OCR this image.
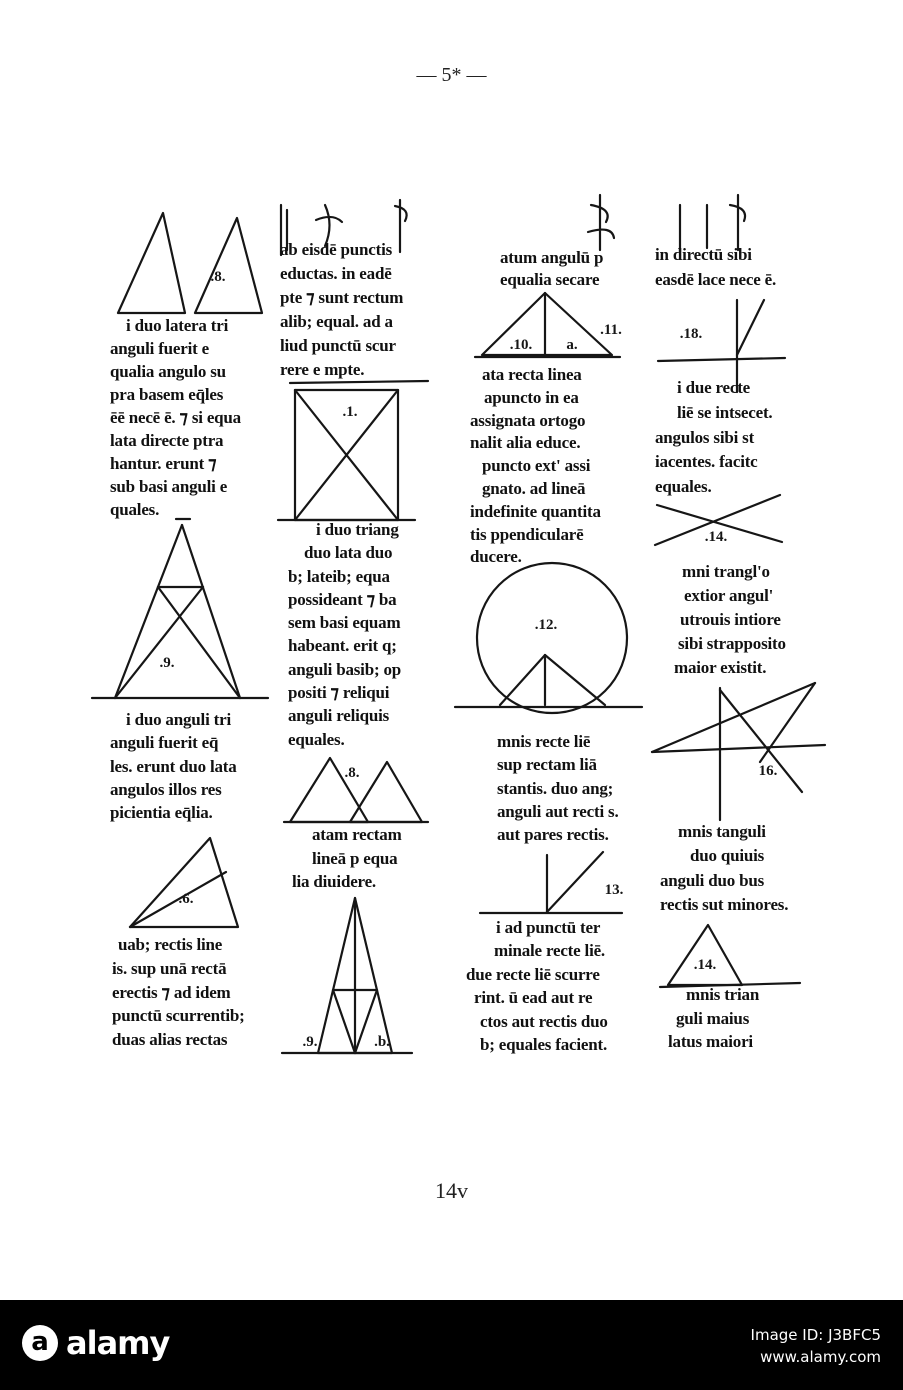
— 5* —
.8.
.9.
.6.
.1.
.8.
.9.	.b.
.10. a.
.11.
.12.
13.
.18.
.14.
16.
.14.
i duo latera tri
anguli fuerit e
qualia angulo su
pra basem eq̄les
ēē necē ē. ⁊ si equa
lata directe ptra
hantur. erunt ⁊
sub basi anguli e
quales.
i duo anguli tri
anguli fuerit eq̄
les. erunt duo lata
angulos illos res
picientia eq̄lia.
uab; rectis line
is. sup unā rectā
erectis ⁊ ad idem
punctū scurrentib;
duas alias rectas
ab eisdē punctis
eductas. in eadē
pte ⁊ sunt rectum
alib; equal. ad a
liud punctū scur
rere e mpte.
i duo triang
duo lata duo
b; lateib; equa
possideant ⁊ ba
sem basi equam
habeant. erit q;
anguli basib; op
positi ⁊ reliqui
anguli reliquis
equales.
atam rectam
lineā p equa
lia diuidere.
atum angulū p
equalia secare
ata recta linea
apuncto in ea
assignata ortogo
nalit alia educe.
puncto ext' assi
gnato. ad lineā
indefinite quantita
tis ppendicularē
ducere.
mnis recte liē
sup rectam liā
stantis. duo ang;
anguli aut recti s.
aut pares rectis.
i ad punctū ter
minale recte liē.
due recte liē scurre
rint. ū ead aut re
ctos aut rectis duo
b; equales facient.
in directū sibi
easdē lace nece ē.
i due recte
liē se intsecet.
angulos sibi st
iacentes. facitc
equales.
mni trangl'o
extior angul'
utrouis intiore
sibi strapposito
maior existit.
mnis tanguli
duo quiuis
anguli duo bus
rectis sut minores.
mnis trian
guli maius
latus maiori
14v
a alamy	Image ID: J3BFC5
www.alamy.com
